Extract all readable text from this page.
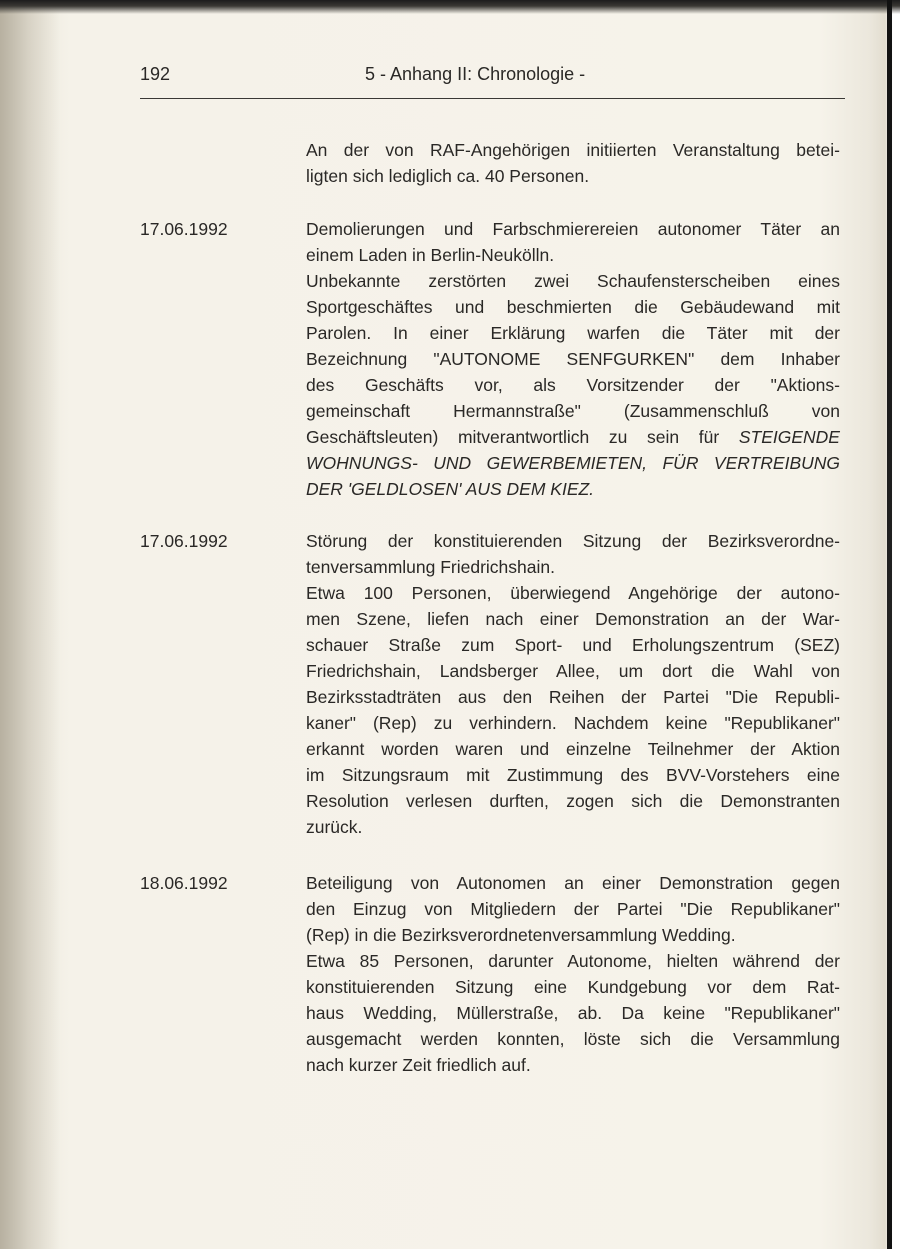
192	5 - Anhang II: Chronologie -

An der von RAF-Angehörigen initiierten Veranstaltung betei-

ligten sich lediglich ca. 40 Personen.

17.06.1992	Demolierungen und Farbschmierereien autonomer Täter an

einem Laden in Berlin-Neukölln.

Unbekannte zerstörten zwei Schaufensterscheiben eines

Sportgeschäftes und beschmierten die Gebäudewand mit

Parolen. In einer Erklärung warfen die Täter mit der

Bezeichnung "AUTONOME SENFGURKEN" dem Inhaber

des Geschäfts vor, als Vorsitzender der "Aktions-

gemeinschaft Hermannstraße" (Zusammenschluß von

Geschäftsleuten) mitverantwortlich zu sein für STEIGENDE

WOHNUNGS- UND GEWERBEMIETEN, FÜR VERTREIBUNG

DER 'GELDLOSEN' AUS DEM KIEZ.

17.06.1992	Störung der konstituierenden Sitzung der Bezirksverordne-

tenversammlung Friedrichshain.

Etwa 100 Personen, überwiegend Angehörige der autono-

men Szene, liefen nach einer Demonstration an der War-

schauer Straße zum Sport- und Erholungszentrum (SEZ)

Friedrichshain, Landsberger Allee, um dort die Wahl von

Bezirksstadträten aus den Reihen der Partei "Die Republi-

kaner" (Rep) zu verhindern. Nachdem keine "Republikaner"

erkannt worden waren und einzelne Teilnehmer der Aktion

im Sitzungsraum mit Zustimmung des BVV-Vorstehers eine

Resolution verlesen durften, zogen sich die Demonstranten

zurück.

18.06.1992	Beteiligung von Autonomen an einer Demonstration gegen

den Einzug von Mitgliedern der Partei "Die Republikaner"

(Rep) in die Bezirksverordnetenversammlung Wedding.

Etwa 85 Personen, darunter Autonome, hielten während der

konstituierenden Sitzung eine Kundgebung vor dem Rat-

haus Wedding, Müllerstraße, ab. Da keine "Republikaner"

ausgemacht werden konnten, löste sich die Versammlung

nach kurzer Zeit friedlich auf.
